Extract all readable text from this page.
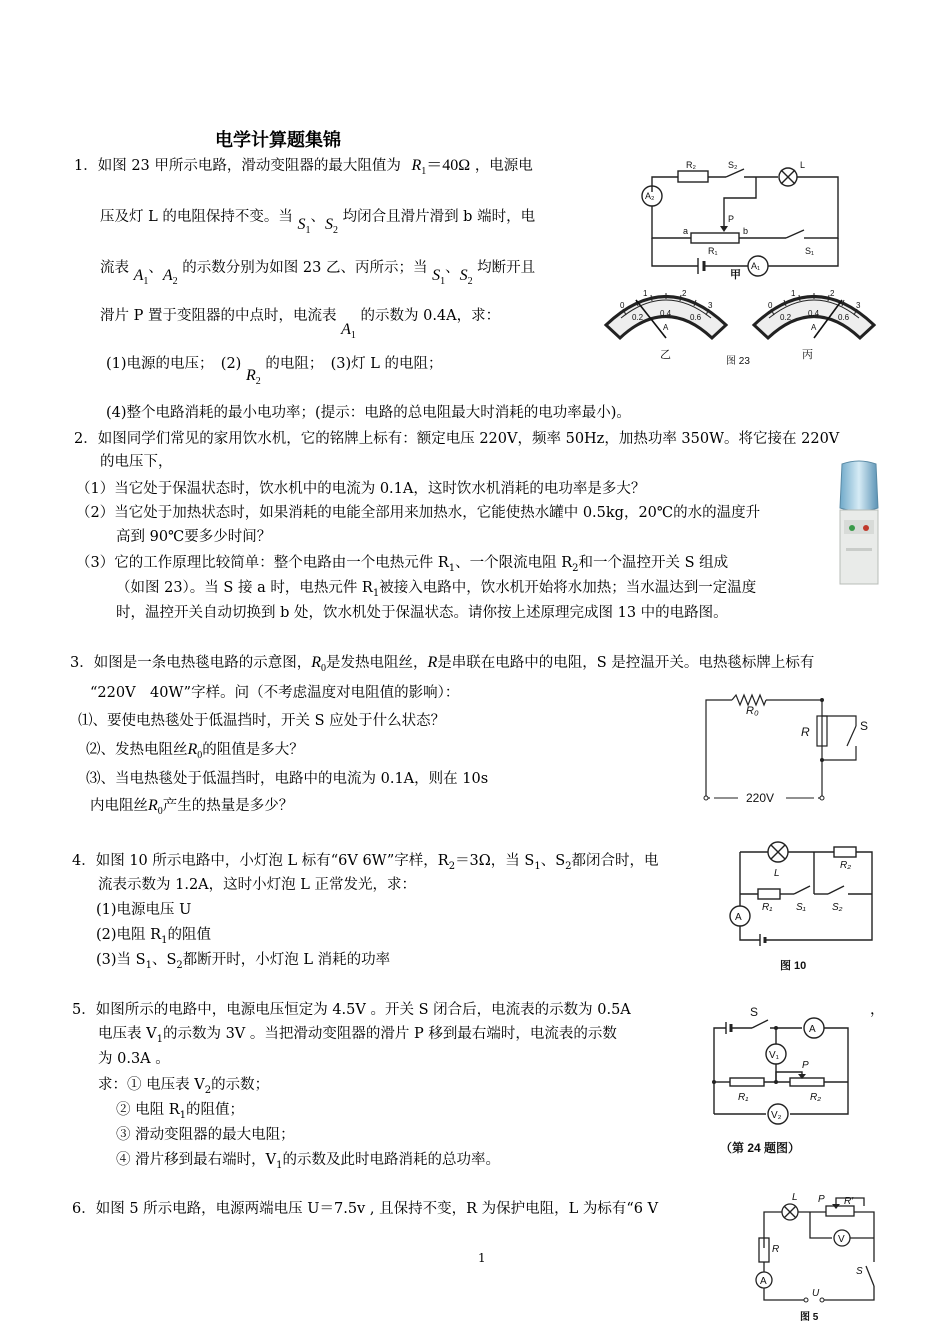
电学计算题集锦
1．如图 23 甲所示电路，滑动变阻器的最大阻值为 $R_1=40\Omega$ ，电源电
压及灯 L 的电阻保持不变。当 $S_1$、$S_2$ 均闭合且滑片滑到 b 端时，电
流表 $A_1$、$A_2$ 的示数分别为如图 23 乙、丙所示；当 $S_1$、$S_2$ 均断开且
滑片 P 置于变阻器的中点时，电流表 $A_1$ 的示数为 0.4A，求：
(1)电源的电压；　(2) $R_2$ 的电阻；　(3)灯 L 的电阻；
(4)整个电路消耗的最小电功率；(提示：电路的总电阻最大时消耗的电功率最小)。
R₂	S₂	L
A₂
P
a
R₁
b
S₁
A₁
甲
0
1	2
3
0.2 0.4 0.6
A
乙
图 23
0
1	2
3
0.2 0.4 0.6
A
丙
2．如图同学们常见的家用饮水机，它的铭牌上标有：额定电压 220V，频率 50Hz，加热功率 350W。将它接在 220V
的电压下，
（1）当它处于保温状态时，饮水机中的电流为 0.1A，这时饮水机消耗的电功率是多大？
（2）当它处于加热状态时，如果消耗的电能全部用来加热水，它能使热水罐中 0.5kg，20℃的水的温度升
高到 90℃要多少时间？
（3）它的工作原理比较简单：整个电路由一个电热元件 $R_1$、一个限流电阻 $R_2$和一个温控开关 S 组成
（如图 23）。当 S 接 a 时，电热元件 $R_1$被接入电路中，饮水机开始将水加热；当水温达到一定温度
时，温控开关自动切换到 b 处，饮水机处于保温状态。请你按上述原理完成图 13 中的电路图。
3．如图是一条电热毯电路的示意图，$R_0$是发热电阻丝，R是串联在电路中的电阻，S 是控温开关。电热毯标牌上标有
“220V　40W”字样。问（不考虑温度对电阻值的影响）：
⑴、要使电热毯处于低温挡时，开关 S 应处于什么状态？
⑵、发热电阻丝$R_0$的阻值是多大？
⑶、当电热毯处于低温挡时，电路中的电流为 0.1A，则在 10s
内电阻丝$R_0$产生的热量是多少？
R₀
R	S
220V
4．如图 10 所示电路中，小灯泡 L 标有“6V 6W”字样，$R_2=3\Omega$，当 $S_1$、$S_2$都闭合时，电
流表示数为 1.2A，这时小灯泡 L 正常发光，求：
(1)电源电压 U
(2)电阻 $R_1$的阻值
(3)当 $S_1$、$S_2$都断开时，小灯泡 L 消耗的功率
L
R₂
A
R₁ S₁	S₂
图 10
5．如图所示的电路中，电源电压恒定为 4.5V 。开关 S 闭合后，电流表的示数为 0.5A	，
电压表 $V_1$的示数为 3V 。当把滑动变阻器的滑片 P 移到最右端时，电流表的示数
为 0.3A 。
求：① 电压表 $V_2$的示数；
② 电阻 $R_1$的阻值；
③ 滑动变阻器的最大电阻；
④ 滑片移到最右端时，$V_1$的示数及此时电路消耗的总功率。
S
A
V₁
P
R₁	R₂
V₂
（第 24 题图）
6．如图 5 所示电路，电源两端电压 U＝7.5v , 且保持不变，R 为保护电阻，L 为标有“6 V
L P R′
R
V
A
S
U
图 5
1
